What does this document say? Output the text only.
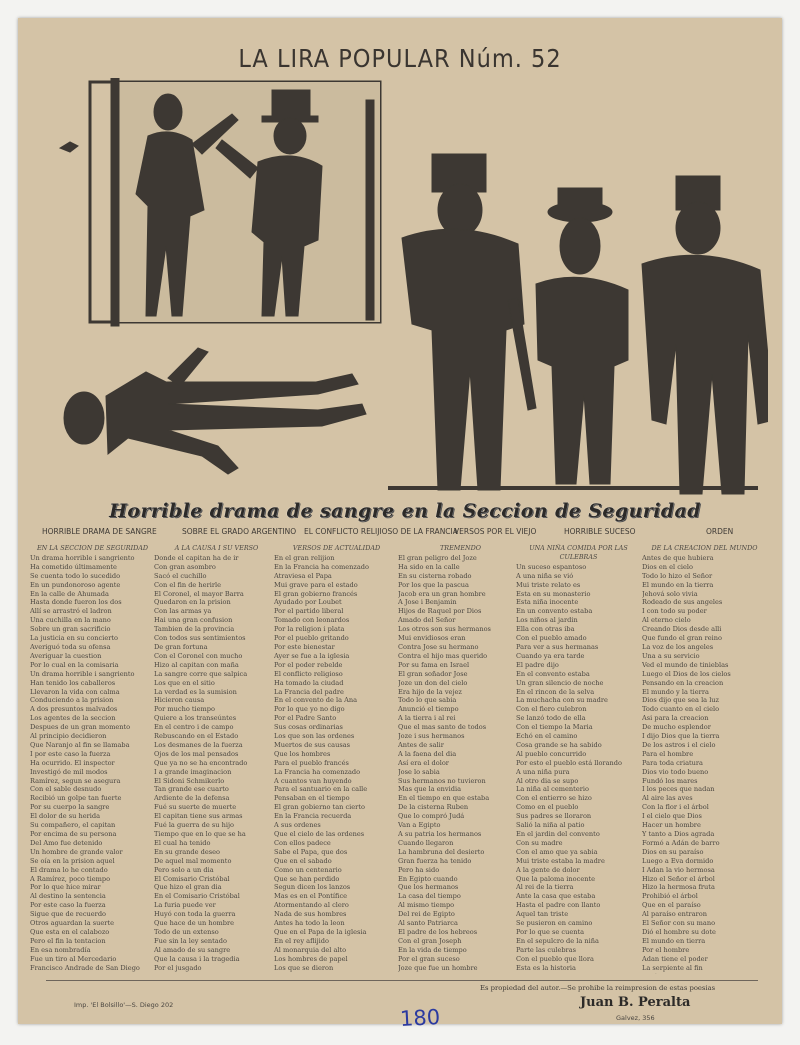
LA LIRA POPULAR Núm. 52
Horrible drama de sangre en la Seccion de Seguridad
HORRIBLE DRAMA DE SANGRE	SOBRE EL GRADO ARGENTINO EL CONFLICTO RELIJIOSO DE LA FRANCIA
VERSOS POR EL VIEJO	HORRIBLE SUCESO	ORDEN
EN LA SECCION DE SEGURIDAD
Un drama horrible i sangriento
Ha cometido últimamente
Se cuenta todo lo sucedido
En un pundonoroso agente
En la calle de Ahumada
Hasta donde fueron los dos
Allí se arrastró el ladron
Una cuchilla en la mano
Sobre un gran sacrificio
La justicia en su concierto
Averiguó toda su ofensa
Averiguar la cuestion
Por lo cual en la comisaria
Un drama horrible i sangriento
Han tenido los caballeros
Llevaron la vida con calma
Conduciendo a la prision
A dos presuntos malvados
Los agentes de la seccion
Despues de un gran momento
Al principio decidieron
Que Naranjo al fin se llamaba
I por este caso la fuerza
Ha ocurrido. El inspector
Investigó de mil modos
Ramírez, segun se asegura
Con el sable desnudo
Recibió un golpe tan fuerte
Por su cuerpo la sangre
El dolor de su herida
Su compañero, el capitan
Por encima de su persona
Del Amo fue detenido
Un hombre de grande valor
Se oía en la prision aquel
El drama lo he contado
A Ramírez, poco tiempo
Por lo que hice mirar
Al destino la sentencia
Por este caso la fuerza
Sigue que de recuerdo
Otros aguardan la suerte
Que esta en el calabozo
Pero el fin la tentacion
En esa nombradía
Fue un tiro al Mercedario
Francisco Andrade de San Diego
A LA CAUSA I SU VERSO
Donde el capitan ha de ir
Con gran asombro
Sacó el cuchillo
Con el fin de herirle
El Coronel, el mayor Barra
Quedaron en la prision
Con las armas ya
Hai una gran confusion
Tambien de la provincia
Con todos sus sentimientos
De gran fortuna
Con el Coronel con mucho
Hizo al capitan con maña
La sangre corre que salpica
Los que en el sitio
La verdad es la sumision
Hicieron causa
Por mucho tiempo
Quiere a los transeúntes
En el centro i de campo
Rebuscando en el Estado
Los desmanes de la fuerza
Ojos de los mal pensados
Que ya no se ha encontrado
I a grande imaginacion
El Sidoni Schmikerlo
Tan grande ese cuarto
Ardiente de la defensa
Fué su suerte de muerte
El capitan tiene sus armas
Fué la guerra de su hijo
Tiempo que en lo que se ha
El cual ha tenido
En su grande deseo
De aquel mal momento
Pero solo a un dia
El Comisario Cristóbal
Que hizo el gran dia
En el Comisario Cristóbal
La furia puede ver
Huyó con toda la guerra
Que hace de un hombre
Todo de un extenso
Fue sin la ley sentado
Al amado de su sangre
Que la causa i la tragedia
Por el jusgado
VERSOS DE ACTUALIDAD
En el gran relijion
En la Francia ha comenzado
Atraviesa el Papa
Mui grave para el estado
El gran gobierno francés
Ayudado por Loubet
Por el partido liberal
Tomado con leonardos
Por la religion i plata
Por el pueblo gritando
Por este bienestar
Ayer se fue a la iglesia
Por el poder rebelde
El conflicto religioso
Ha tomado la ciudad
La Francia del padre
En el convento de la Ana
Por lo que yo no digo
Por el Padre Santo
Sus cosas ordinarias
Los que son las ordenes
Muertos de sus causas
Que los hombres
Para el pueblo francés
La Francia ha comenzado
A cuantos van huyendo
Para el santuario en la calle
Pensaban en el tiempo
El gran gobierno tan cierto
En la Francia recuerda
A sus ordenes
Que el cielo de las ordenes
Con ellos padece
Sabe el Papa, que dos
Que en el sabado
Como un centenario
Que se han perdido
Segun dicen los lanzos
Mas es en el Pontífice
Atormentando al clero
Nada de sus hombres
Antes ha todo la leon
Que en el Papa de la iglesia
En el rey aflijido
Al monarquia del alto
Los hombres de papel
Los que se dieron
TREMENDO
El gran peligro del Joze
Ha sido en la calle
En su cisterna robado
Por los que la pascua
Jacob era un gran hombre
A Jose i Benjamin
Hijos de Raquel por Dios
Amado del Señor
Los otros son sus hermanos
Mui envidiosos eran
Contra Jose su hermano
Contra el hijo mas querido
Por su fama en Israel
El gran soñador Jose
Joze un don del cielo
Era hijo de la vejez
Todo lo que sabia
Anunció el tiempo
A la tierra i al rei
Que el mas santo de todos
Joze i sus hermanos
Antes de salir
A la faena del dia
Así era el dolor
Jose lo sabia
Sus hermanos no tuvieron
Mas que la envidia
En el tiempo en que estaba
De la cisterna Ruben
Que lo compró Judá
Van a Egipto
A su patria los hermanos
Cuando llegaron
La hambruna del desierto
Gran fuerza ha tenido
Pero ha sido
En Egipto cuando
Que los hermanos
La casa del tiempo
Al mismo tiempo
Del rei de Egipto
Al santo Patriarca
El padre de los hebreos
Con el gran Joseph
En la vida de tiempo
Por el gran suceso
Joze que fue un hombre
UNA NIÑA COMIDA POR LAS CULEBRAS
Un suceso espantoso
A una niña se vió
Mui triste relato es
Esta en su monasterio
Esta niña inocente
En un convento estaba
Los niños al jardin
Ella con otras iba
Con el pueblo amado
Para ver a sus hermanas
Cuando ya era tarde
El padre dijo
En el convento estaba
Un gran silencio de noche
En el rincon de la selva
La muchacha con su madre
Con el fiero culebron
Se lanzó todo de ella
Con el tiempo la Maria
Echó en el camino
Cosa grande se ha sabido
Al pueblo concurrido
Por esto el pueblo está llorando
A una niña pura
Al otro dia se supo
La niña al cementerio
Con el entierro se hizo
Como en el pueblo
Sus padres se lloraron
Salió la niña al patio
En el jardin del convento
Con su madre
Con el amo que ya sabia
Mui triste estaba la madre
A la gente de dolor
Que la paloma inocente
Al rei de la tierra
Ante la casa que estaba
Hasta el padre con llanto
Aquel tan triste
Se pusieron en camino
Por lo que se cuenta
En el sepulcro de la niña
Parte las culebras
Con el pueblo que llora
Esta es la historia
DE LA CREACION DEL MUNDO
Antes de que hubiera
Dios en el cielo
Todo lo hizo el Señor
El mundo en la tierra
Jehová solo vivia
Rodeado de sus angeles
I con todo su poder
Al eterno cielo
Creando Dios desde alli
Que fundo el gran reino
La voz de los angeles
Una a su servicio
Ved el mundo de tinieblas
Luego el Dios de los cielos
Pensando en la creacion
El mundo y la tierra
Dios dijo que sea la luz
Todo cuanto en el cielo
Asi para la creacion
De mucho esplendor
I dijo Dios que la tierra
De los astros i el cielo
Para el hombre
Para toda criatura
Dios vio todo bueno
Fundó los mares
I los peces que nadan
Al aire las aves
Con la flor i el árbol
I el cielo que Dios
Hacer un hombre
Y tanto a Dios agrada
Formó a Adán de barro
Dios en su paraíso
Luego a Eva dormido
I Adan la vio hermosa
Hizo el Señor el árbol
Hizo la hermosa fruta
Prohibió el árbol
Que en el paraíso
Al paraíso entraron
El Señor con su mano
Dió el hombre su dote
El mundo en tierra
Por el hombre
Adan tiene el poder
La serpiente al fin
Es propiedad del autor.—Se prohibe la reimpresion de estas poesias
Imp. 'El Bolsillo'—S. Diego 202	Juan B. Peralta
Galvez, 356
180
